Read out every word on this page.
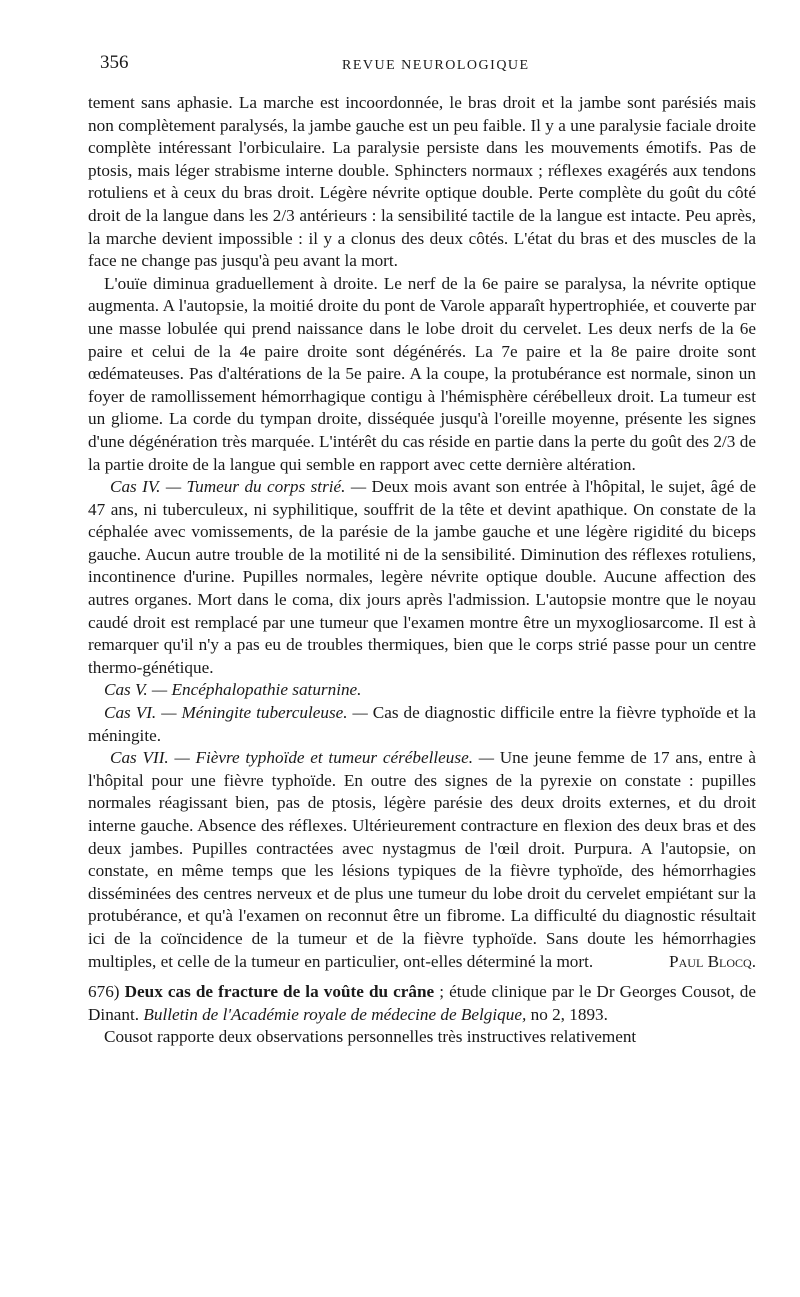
356	REVUE NEUROLOGIQUE

tement sans aphasie. La marche est incoordonnée, le bras droit et la jambe sont parésiés mais non complètement paralysés, la jambe gauche est un peu faible. Il y a une paralysie faciale droite complète intéressant l'orbiculaire. La paralysie persiste dans les mouvements émotifs. Pas de ptosis, mais léger strabisme interne double. Sphincters normaux ; réflexes exagérés aux tendons rotuliens et à ceux du bras droit. Légère névrite optique double. Perte complète du goût du côté droit de la langue dans les 2/3 antérieurs : la sensibilité tactile de la langue est intacte. Peu après, la marche devient impossible : il y a clonus des deux côtés. L'état du bras et des muscles de la face ne change pas jusqu'à peu avant la mort.

L'ouïe diminua graduellement à droite. Le nerf de la 6e paire se paralysa, la névrite optique augmenta. A l'autopsie, la moitié droite du pont de Varole apparaît hypertrophiée, et couverte par une masse lobulée qui prend naissance dans le lobe droit du cervelet. Les deux nerfs de la 6e paire et celui de la 4e paire droite sont dégénérés. La 7e paire et la 8e paire droite sont œdémateuses. Pas d'altérations de la 5e paire. A la coupe, la protubérance est normale, sinon un foyer de ramollissement hémorrhagique contigu à l'hémisphère cérébelleux droit. La tumeur est un gliome. La corde du tympan droite, disséquée jusqu'à l'oreille moyenne, présente les signes d'une dégénération très marquée. L'intérêt du cas réside en partie dans la perte du goût des 2/3 de la partie droite de la langue qui semble en rapport avec cette dernière altération.

Cas IV. — Tumeur du corps strié. — Deux mois avant son entrée à l'hôpital, le sujet, âgé de 47 ans, ni tuberculeux, ni syphilitique, souffrit de la tête et devint apathique. On constate de la céphalée avec vomissements, de la parésie de la jambe gauche et une légère rigidité du biceps gauche. Aucun autre trouble de la motilité ni de la sensibilité. Diminution des réflexes rotuliens, incontinence d'urine. Pupilles normales, legère névrite optique double. Aucune affection des autres organes. Mort dans le coma, dix jours après l'admission. L'autopsie montre que le noyau caudé droit est remplacé par une tumeur que l'examen montre être un myxogliosarcome. Il est à remarquer qu'il n'y a pas eu de troubles thermiques, bien que le corps strié passe pour un centre thermo-génétique.

Cas V. — Encéphalopathie saturnine.

Cas VI. — Méningite tuberculeuse. — Cas de diagnostic difficile entre la fièvre typhoïde et la méningite.

Cas VII. — Fièvre typhoïde et tumeur cérébelleuse. — Une jeune femme de 17 ans, entre à l'hôpital pour une fièvre typhoïde. En outre des signes de la pyrexie on constate : pupilles normales réagissant bien, pas de ptosis, légère parésie des deux droits externes, et du droit interne gauche. Absence des réflexes. Ultérieurement contracture en flexion des deux bras et des deux jambes. Pupilles contractées avec nystagmus de l'œil droit. Purpura. A l'autopsie, on constate, en même temps que les lésions typiques de la fièvre typhoïde, des hémorrhagies disséminées des centres nerveux et de plus une tumeur du lobe droit du cervelet empiétant sur la protubérance, et qu'à l'examen on reconnut être un fibrome. La difficulté du diagnostic résultait ici de la coïncidence de la tumeur et de la fièvre typhoïde. Sans doute les hémorrhagies multiples, et celle de la tumeur en particulier, ont-elles déterminé la mort.	Paul Blocq.

676) Deux cas de fracture de la voûte du crâne ; étude clinique par le Dr Georges Cousot, de Dinant. Bulletin de l'Académie royale de médecine de Belgique, no 2, 1893.

Cousot rapporte deux observations personnelles très instructives relativement
